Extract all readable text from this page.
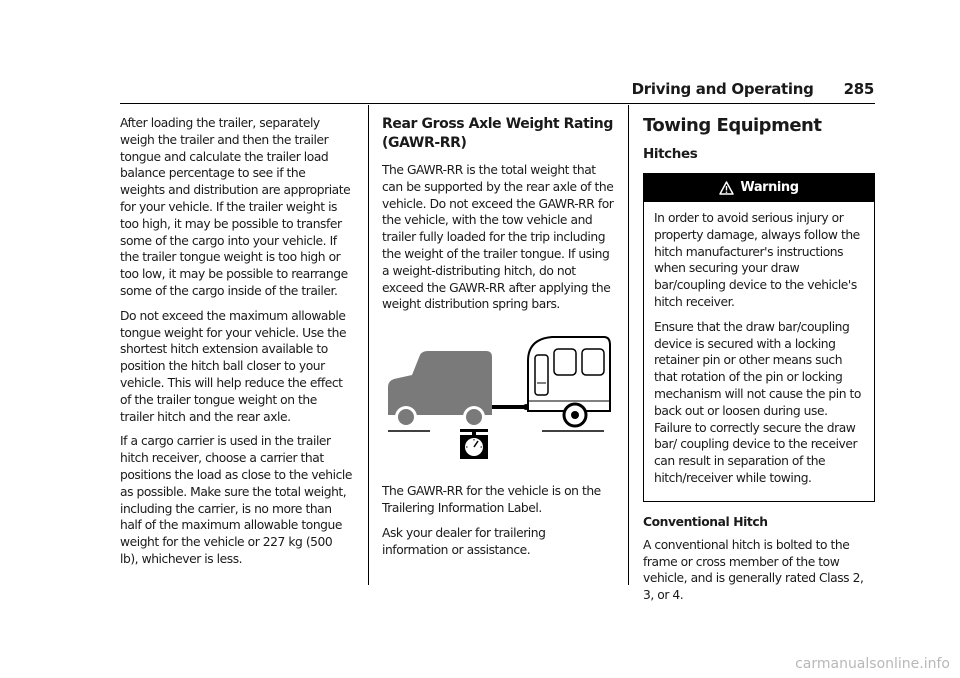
Driving and Operating 285

After loading the trailer, separately weigh the trailer and then the trailer tongue and calculate the trailer load balance percentage to see if the weights and distribution are appropriate for your vehicle. If the trailer weight is too high, it may be possible to transfer some of the cargo into your vehicle. If the trailer tongue weight is too high or too low, it may be possible to rearrange some of the cargo inside of the trailer.

Do not exceed the maximum allowable tongue weight for your vehicle. Use the shortest hitch extension available to position the hitch ball closer to your vehicle. This will help reduce the effect of the trailer tongue weight on the trailer hitch and the rear axle.

If a cargo carrier is used in the trailer hitch receiver, choose a carrier that positions the load as close to the vehicle as possible. Make sure the total weight, including the carrier, is no more than half of the maximum allowable tongue weight for the vehicle or 227 kg (500 lb), whichever is less.

Rear Gross Axle Weight Rating (GAWR-RR)

The GAWR-RR is the total weight that can be supported by the rear axle of the vehicle. Do not exceed the GAWR-RR for the vehicle, with the tow vehicle and trailer fully loaded for the trip including the weight of the trailer tongue. If using a weight-distributing hitch, do not exceed the GAWR-RR after applying the weight distribution spring bars.

The GAWR-RR for the vehicle is on the Trailering Information Label.

Ask your dealer for trailering information or assistance.

Towing Equipment
Hitches
Warning

In order to avoid serious injury or property damage, always follow the hitch manufacturer's instructions when securing your draw bar/coupling device to the vehicle's hitch receiver.

Ensure that the draw bar/coupling device is secured with a locking retainer pin or other means such that rotation of the pin or locking mechanism will not cause the pin to back out or loosen during use. Failure to correctly secure the draw bar/ coupling device to the receiver can result in separation of the hitch/receiver while towing.

Conventional Hitch

A conventional hitch is bolted to the frame or cross member of the tow vehicle, and is generally rated Class 2, 3, or 4.

carmanualsonline.info
